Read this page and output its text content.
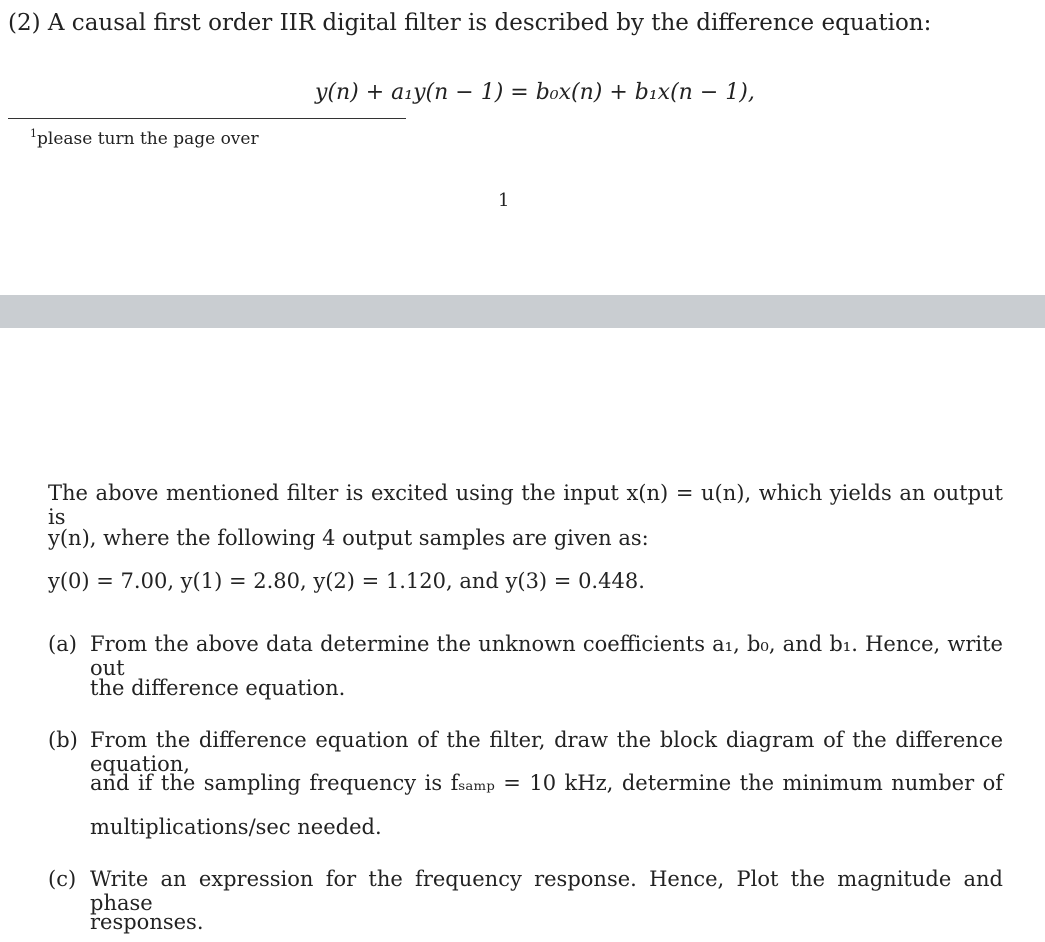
(2) A causal first order IIR digital filter is described by the difference equation:
y(n) + a₁y(n − 1) = b₀x(n) + b₁x(n − 1),
$^1$please turn the page over
1
The above mentioned filter is excited using the input x(n) = u(n), which yields an output is
y(n), where the following 4 output samples are given as:
y(0) = 7.00, y(1) = 2.80, y(2) = 1.120, and y(3) = 0.448.
(a) From the above data determine the unknown coefficients a₁, b₀, and b₁. Hence, write out
the difference equation.
(b) From the difference equation of the filter, draw the block diagram of the difference equation,
and if the sampling frequency is fₛₐₘₚ = 10 kHz, determine the minimum number of
multiplications/sec needed.
(c) Write an expression for the frequency response. Hence, Plot the magnitude and phase
responses.
